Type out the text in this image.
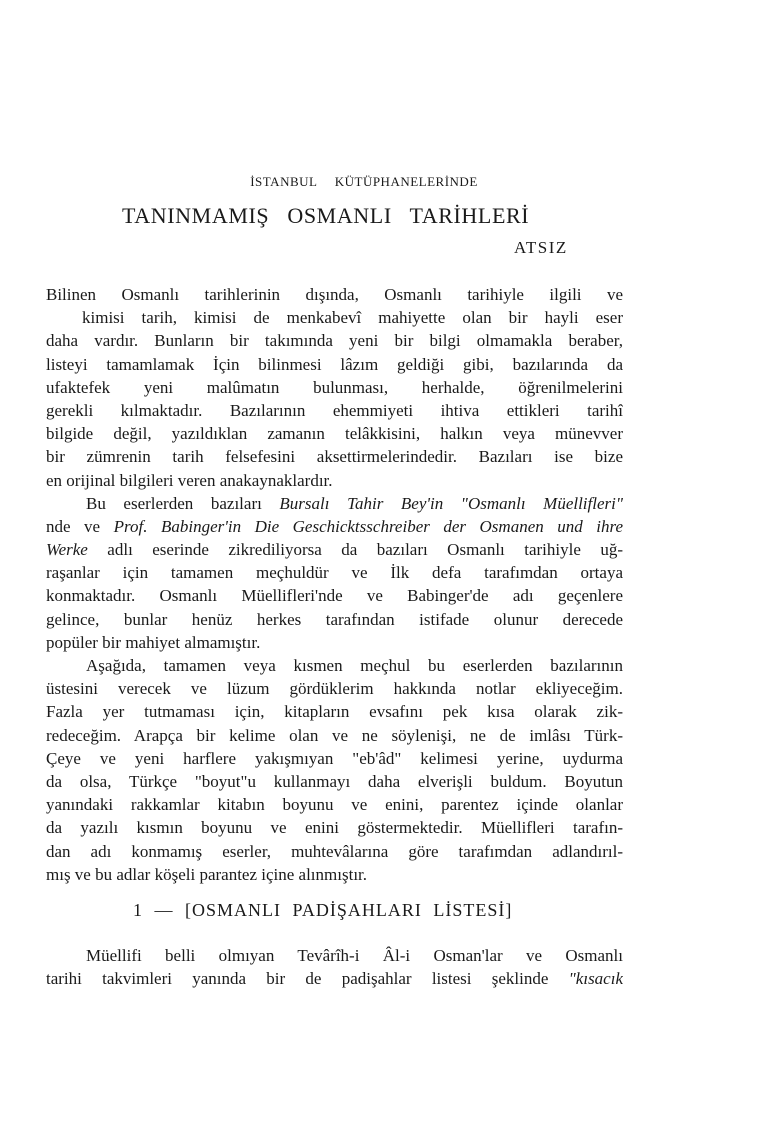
İSTANBUL KÜTÜPHANELERİNDE
TANINMAMIŞ OSMANLI TARİHLERİ
ATSIZ
Bilinen Osmanlı tarihlerinin dışında, Osmanlı tarihiyle ilgili ve
kimisi tarih, kimisi de menkabevî mahiyette olan bir hayli eser
daha vardır. Bunların bir takımında yeni bir bilgi olmamakla beraber,
listeyi tamamlamak İçin bilinmesi lâzım geldiği gibi, bazılarında da
ufaktefek yeni malûmatın bulunması, herhalde, öğrenilmelerini
gerekli kılmaktadır. Bazılarının ehemmiyeti ihtiva ettikleri tarihî
bilgide değil, yazıldıklan zamanın telâkkisini, halkın veya münevver
bir zümrenin tarih felsefesini aksettirmelerindedir. Bazıları ise bize
en orijinal bilgileri veren anakaynaklardır.
Bu eserlerden bazıları Bursalı Tahir Bey'in "Osmanlı Müellifleri"
nde ve Prof. Babinger'in Die Geschicktsschreiber der Osmanen und ihre
Werke adlı eserinde zikrediliyorsa da bazıları Osmanlı tarihiyle uğ-
raşanlar için tamamen meçhuldür ve İlk defa tarafımdan ortaya
konmaktadır. Osmanlı Müellifleri'nde ve Babinger'de adı geçenlere
gelince, bunlar henüz herkes tarafından istifade olunur derecede
popüler bir mahiyet almamıştır.
Aşağıda, tamamen veya kısmen meçhul bu eserlerden bazılarının
üstesini verecek ve lüzum gördüklerim hakkında notlar ekliyeceğim.
Fazla yer tutmaması için, kitapların evsafını pek kısa olarak zik-
redeceğim. Arapça bir kelime olan ve ne söylenişi, ne de imlâsı Türk-
Çeye ve yeni harflere yakışmıyan "eb'âd" kelimesi yerine, uydurma
da olsa, Türkçe "boyut"u kullanmayı daha elverişli buldum. Boyutun
yanındaki rakkamlar kitabın boyunu ve enini, parentez içinde olanlar
da yazılı kısmın boyunu ve enini göstermektedir. Müellifleri tarafın-
dan adı konmamış eserler, muhtevâlarına göre tarafımdan adlandırıl-
mış ve bu adlar köşeli parantez içine alınmıştır.
1 — [OSMANLI PADİŞAHLARI LİSTESİ]
Müellifi belli olmıyan Tevârîh-i Âl-i Osman'lar ve Osmanlı
tarihi takvimleri yanında bir de padişahlar listesi şeklinde "kısacık
